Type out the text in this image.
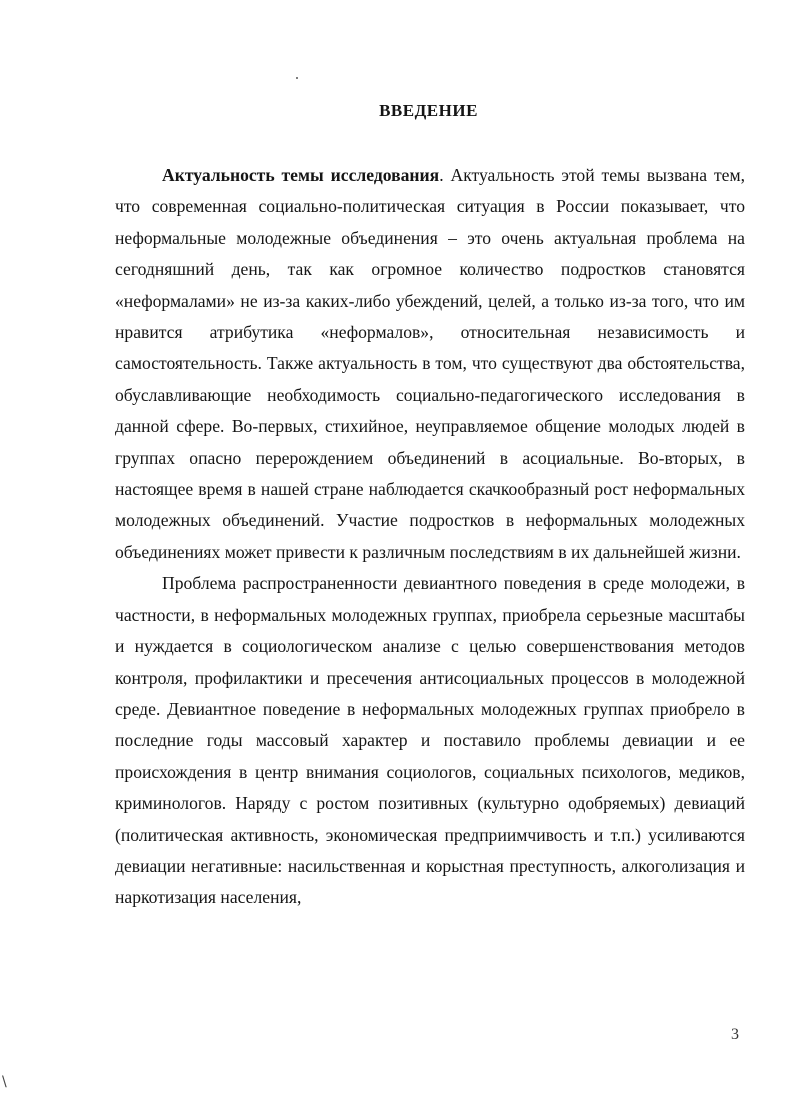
ВВЕДЕНИЕ

Актуальность темы исследования. Актуальность этой темы вызвана тем, что современная социально-политическая ситуация в России показывает, что неформальные молодежные объединения – это очень актуальная проблема на сегодняшний день, так как огромное количество подростков становятся «неформалами» не из-за каких-либо убеждений, целей, а только из-за того, что им нравится атрибутика «неформалов», относительная независимость и самостоятельность. Также актуальность в том, что существуют два обстоятельства, обуславливающие необходимость социально-педагогического исследования в данной сфере. Во-первых, стихийное, неуправляемое общение молодых людей в группах опасно перерождением объединений в асоциальные. Во-вторых, в настоящее время в нашей стране наблюдается скачкообразный рост неформальных молодежных объединений. Участие подростков в неформальных молодежных объединениях может привести к различным последствиям в их дальнейшей жизни.

Проблема распространенности девиантного поведения в среде молодежи, в частности, в неформальных молодежных группах, приобрела серьезные масштабы и нуждается в социологическом анализе с целью совершенствования методов контроля, профилактики и пресечения антисоциальных процессов в молодежной среде. Девиантное поведение в неформальных молодежных группах приобрело в последние годы массовый характер и поставило проблемы девиации и ее происхождения в центр внимания социологов, социальных психологов, медиков, криминологов. Наряду с ростом позитивных (культурно одобряемых) девиаций (политическая активность, экономическая предприимчивость и т.п.) усиливаются девиации негативные: насильственная и корыстная преступность, алкоголизация и наркотизация населения,

3
\
